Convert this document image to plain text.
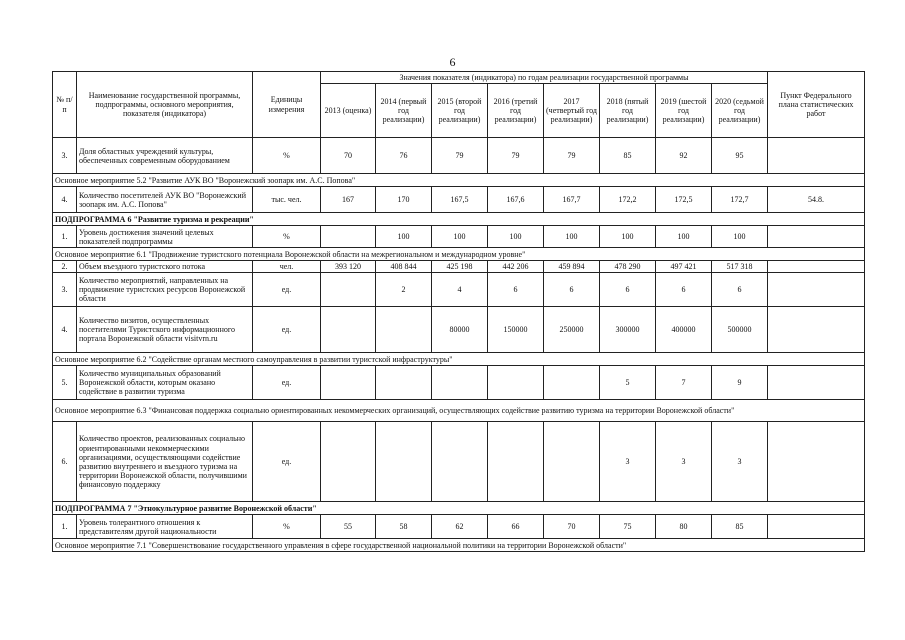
6
№ п/п	Наименование государственной программы, подпрограммы, основного мероприятия, показателя (индикатора)	Единицы измерения	Значения показателя (индикатора) по годам реализации государственной программы								Пункт Федерального плана статистических работ
			2013 (оценка)	2014 (первый год реализации)	2015 (второй год реализации)	2016 (третий год реализации)	2017 (четвертый год реализации)	2018 (пятый год реализации)	2019 (шестой год реализации)	2020 (седьмой год реализации)	
3.	Доля областных учреждений культуры, обеспеченных современным оборудованием	%	70	76	79	79	79	85	92	95	
Основное мероприятие 5.2 "Развитие АУК ВО "Воронежский зоопарк им. А.С. Попова"											
4.	Количество посетителей АУК ВО "Воронежский зоопарк им. А.С. Попова"	тыс. чел.	167	170	167,5	167,6	167,7	172,2	172,5	172,7	54.8.
ПОДПРОГРАММА 6 "Развитие туризма и рекреации"											
1.	Уровень достижения значений целевых показателей подпрограммы	%		100	100	100	100	100	100	100	
Основное мероприятие 6.1 "Продвижение туристского потенциала Воронежской области на межрегиональном и международном уровне"											
2.	Объем въездного туристского потока	чел.	393 120	408 844	425 198	442 206	459 894	478 290	497 421	517 318	
3.	Количество мероприятий, направленных на продвижение туристских ресурсов Воронежской области	ед.		2	4	6	6	6	6	6	
4.	Количество визитов, осуществленных посетителями Туристского информационного портала Воронежской области visitvrn.ru	ед.			80000	150000	250000	300000	400000	500000	
Основное мероприятие 6.2 "Содействие органам местного самоуправления в развитии туристской инфраструктуры"											
5.	Количество муниципальных образований Воронежской области, которым оказано содействие в развитии туризма	ед.						5	7	9	
Основное мероприятие 6.3 "Финансовая поддержка социально ориентированных некоммерческих организаций, осуществляющих содействие развитию туризма на территории Воронежской области"											
6.	Количество проектов, реализованных социально ориентированными некоммерческими организациями, осуществляющими содействие развитию внутреннего и въездного туризма на территории Воронежской области, получившими финансовую поддержку	ед.						3	3	3	
ПОДПРОГРАММА 7 "Этнокультурное развитие Воронежской области"											
1.	Уровень толерантного отношения к представителям другой национальности	%	55	58	62	66	70	75	80	85	
Основное мероприятие 7.1 "Совершенствование государственного управления в сфере государственной национальной политики на территории Воронежской области"											
